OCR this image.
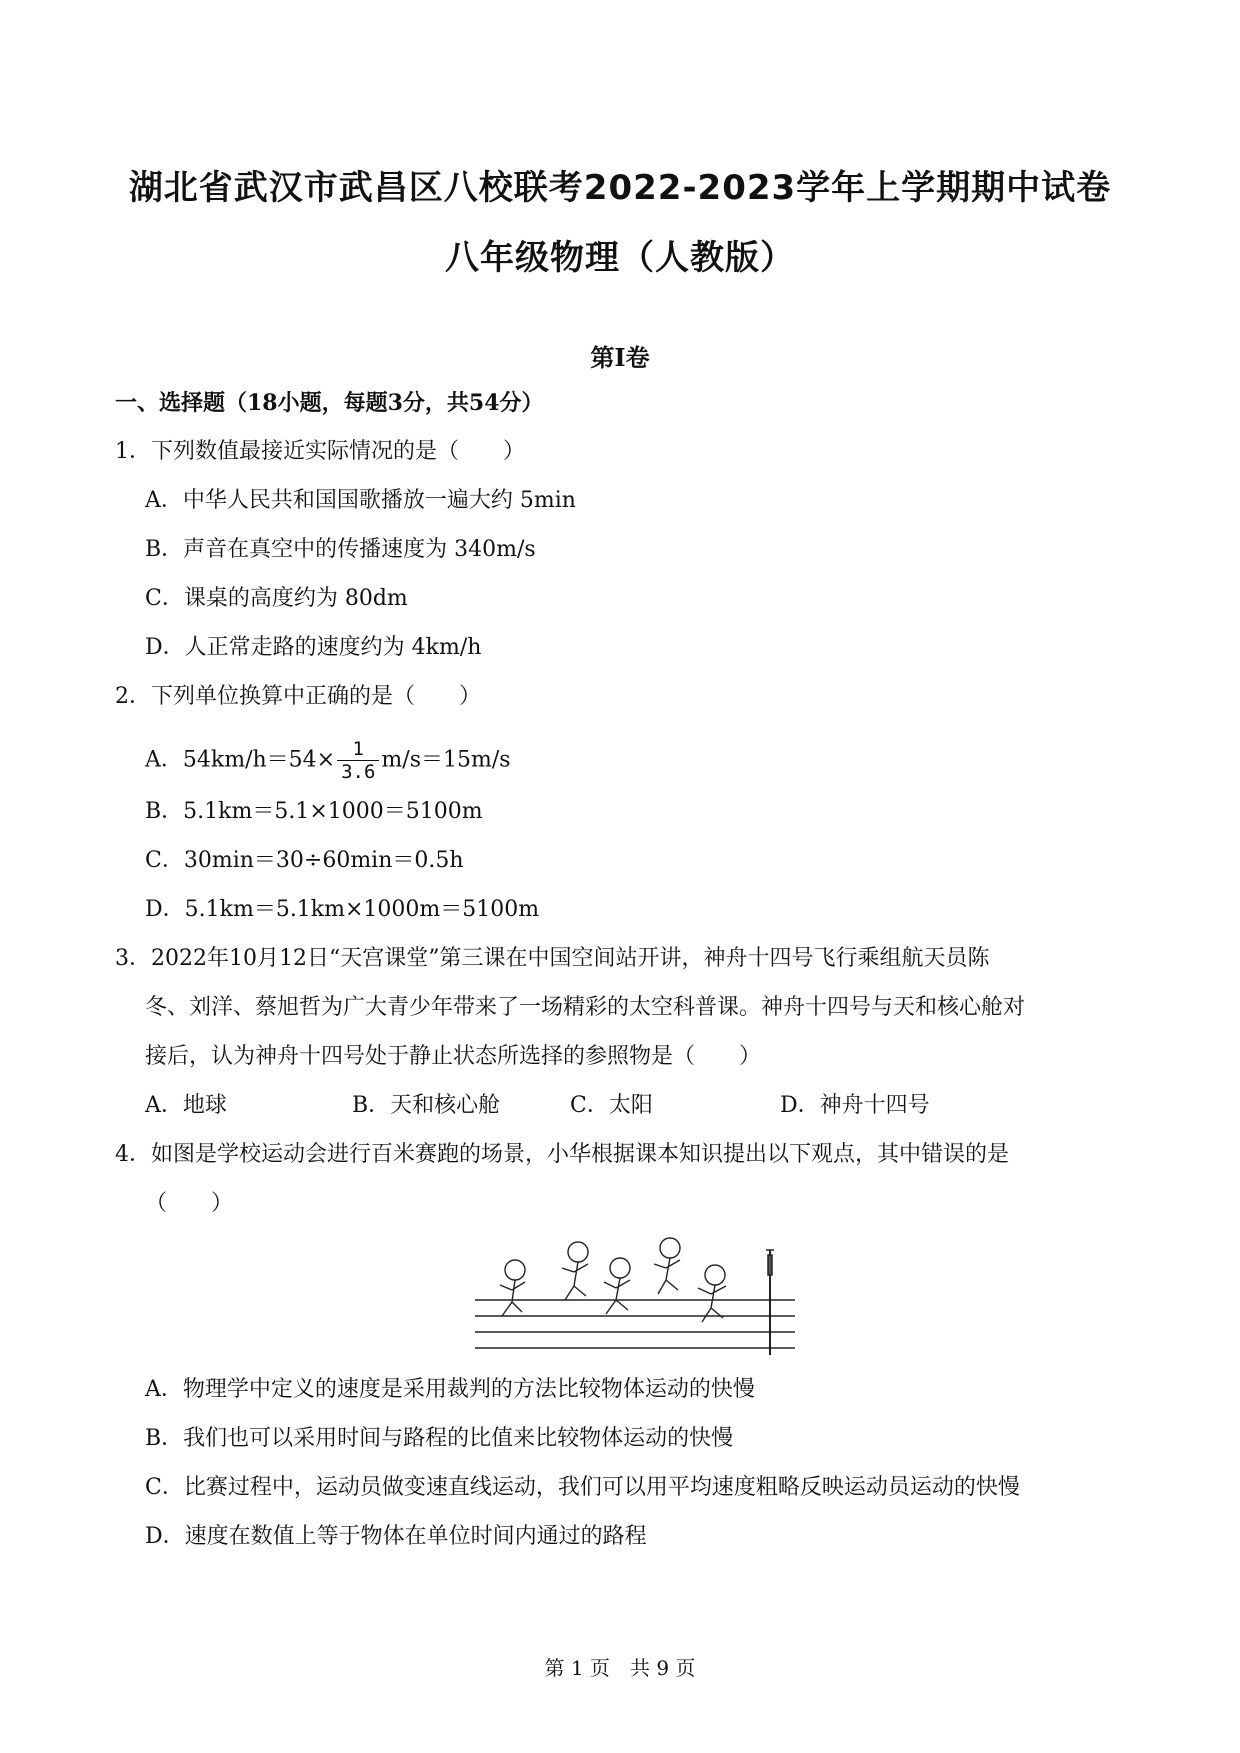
湖北省武汉市武昌区八校联考2022-2023学年上学期期中试卷
八年级物理（人教版）
第Ⅰ卷
一、选择题（18小题，每题3分，共54分）
1．下列数值最接近实际情况的是（　　）
A．中华人民共和国国歌播放一遍大约 5min
B．声音在真空中的传播速度为 340m/s
C．课桌的高度约为 80dm
D．人正常走路的速度约为 4km/h
2．下列单位换算中正确的是（　　）
A．$54km/h=54\times \frac{1}{3.6} m/s=15m/s$
B．5.1km＝5.1×1000＝5100m
C．30min＝30÷60min＝0.5h
D．5.1km＝5.1km×1000m＝5100m
3．2022年10月12日“天宫课堂”第三课在中国空间站开讲，神舟十四号飞行乘组航天员陈
冬、刘洋、蔡旭哲为广大青少年带来了一场精彩的太空科普课。神舟十四号与天和核心舱对
接后，认为神舟十四号处于静止状态所选择的参照物是（　　）
A．地球	B．天和核心舱	C．太阳	D．神舟十四号
4．如图是学校运动会进行百米赛跑的场景，小华根据课本知识提出以下观点，其中错误的是
（　　）
A．物理学中定义的速度是采用裁判的方法比较物体运动的快慢
B．我们也可以采用时间与路程的比值来比较物体运动的快慢
C．比赛过程中，运动员做变速直线运动，我们可以用平均速度粗略反映运动员运动的快慢
D．速度在数值上等于物体在单位时间内通过的路程
第 1 页　共 9 页
